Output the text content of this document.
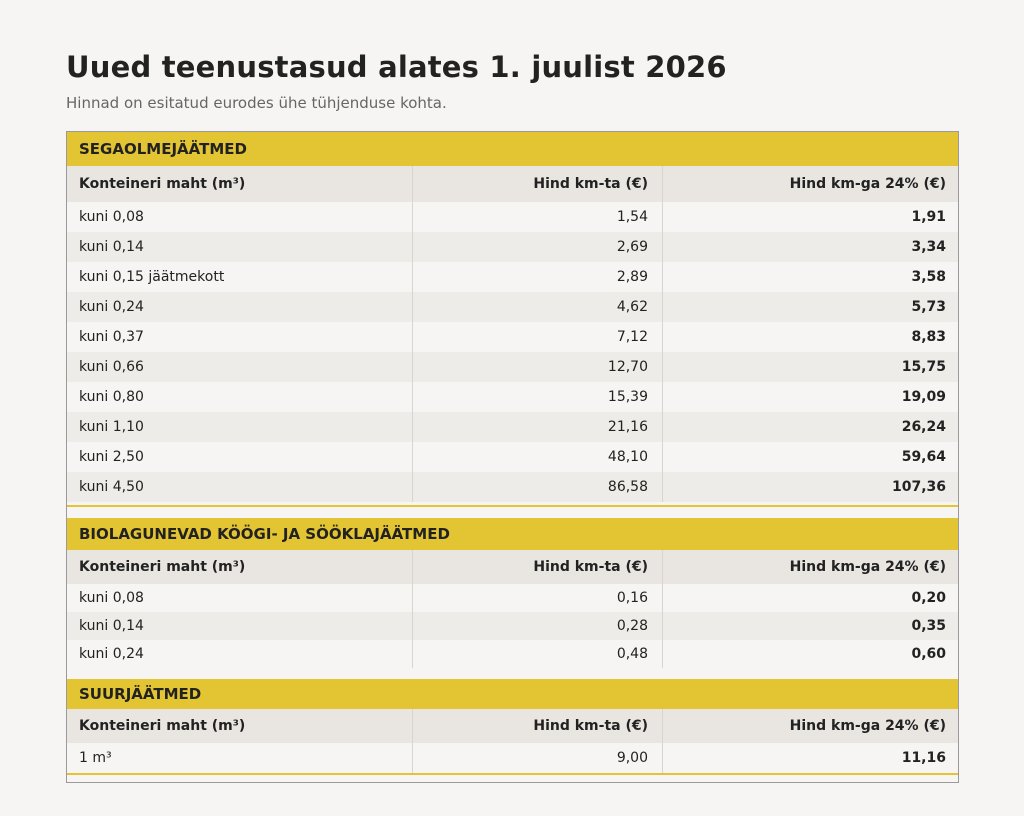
Uued teenustasud alates 1. juulist 2026
Hinnad on esitatud eurodes ühe tühjenduse kohta.
SEGAOLMEJÄÄTMED
Konteineri maht (m³)	Hind km-ta (€)	Hind km-ga 24% (€)
kuni 0,08	1,54	1,91
kuni 0,14	2,69	3,34
kuni 0,15 jäätmekott	2,89	3,58
kuni 0,24	4,62	5,73
kuni 0,37	7,12	8,83
kuni 0,66	12,70	15,75
kuni 0,80	15,39	19,09
kuni 1,10	21,16	26,24
kuni 2,50	48,10	59,64
kuni 4,50	86,58	107,36
BIOLAGUNEVAD KÖÖGI- JA SÖÖKLAJÄÄTMED
Konteineri maht (m³)	Hind km-ta (€)	Hind km-ga 24% (€)
kuni 0,08	0,16	0,20
kuni 0,14	0,28	0,35
kuni 0,24	0,48	0,60
SUURJÄÄTMED
Konteineri maht (m³)	Hind km-ta (€)	Hind km-ga 24% (€)
1 m³	9,00	11,16
